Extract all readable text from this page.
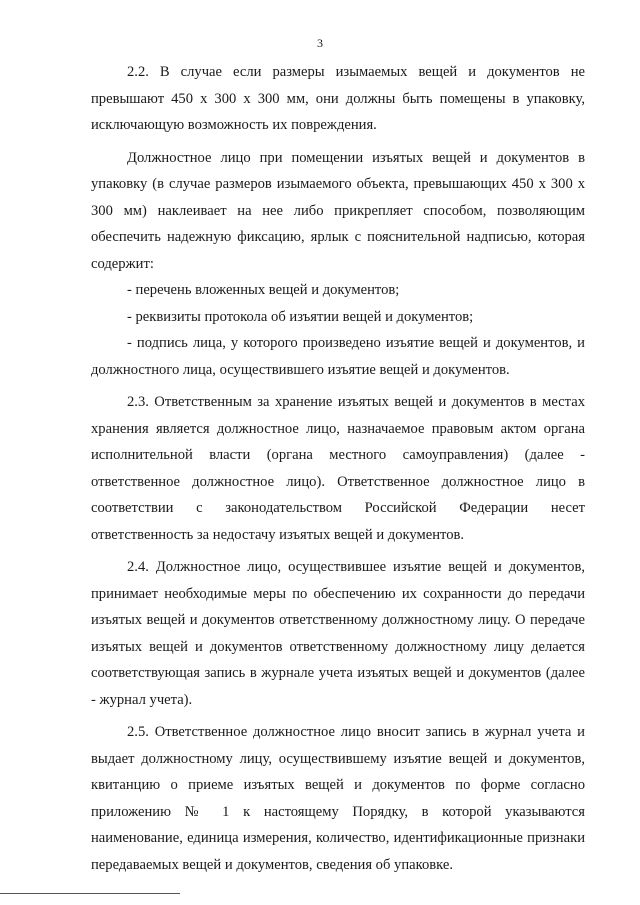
3

2.2. В случае если размеры изымаемых вещей и документов не превышают 450 х 300 х 300 мм, они должны быть помещены в упаковку, исключающую возможность их повреждения.

Должностное лицо при помещении изъятых вещей и документов в упаковку (в случае размеров изымаемого объекта, превышающих 450 х 300 х 300 мм) наклеивает на нее либо прикрепляет способом, позволяющим обеспечить надежную фиксацию, ярлык с пояснительной надписью, которая содержит:

- перечень вложенных вещей и документов;

- реквизиты протокола об изъятии вещей и документов;

- подпись лица, у которого произведено изъятие вещей и документов, и должностного лица, осуществившего изъятие вещей и документов.

2.3. Ответственным за хранение изъятых вещей и документов в местах хранения является должностное лицо, назначаемое правовым актом органа исполнительной власти (органа местного самоуправления) (далее - ответственное должностное лицо). Ответственное должностное лицо в соответствии с законодательством Российской Федерации несет ответственность за недостачу изъятых вещей и документов.

2.4. Должностное лицо, осуществившее изъятие вещей и документов, принимает необходимые меры по обеспечению их сохранности до передачи изъятых вещей и документов ответственному должностному лицу. О передаче изъятых вещей и документов ответственному должностному лицу делается соответствующая запись в журнале учета изъятых вещей и документов (далее - журнал учета).

2.5. Ответственное должностное лицо вносит запись в журнал учета и выдает должностному лицу, осуществившему изъятие вещей и документов, квитанцию о приеме изъятых вещей и документов по форме согласно приложению № 1 к настоящему Порядку, в которой указываются наименование, единица измерения, количество, идентификационные признаки передаваемых вещей и документов, сведения об упаковке.
